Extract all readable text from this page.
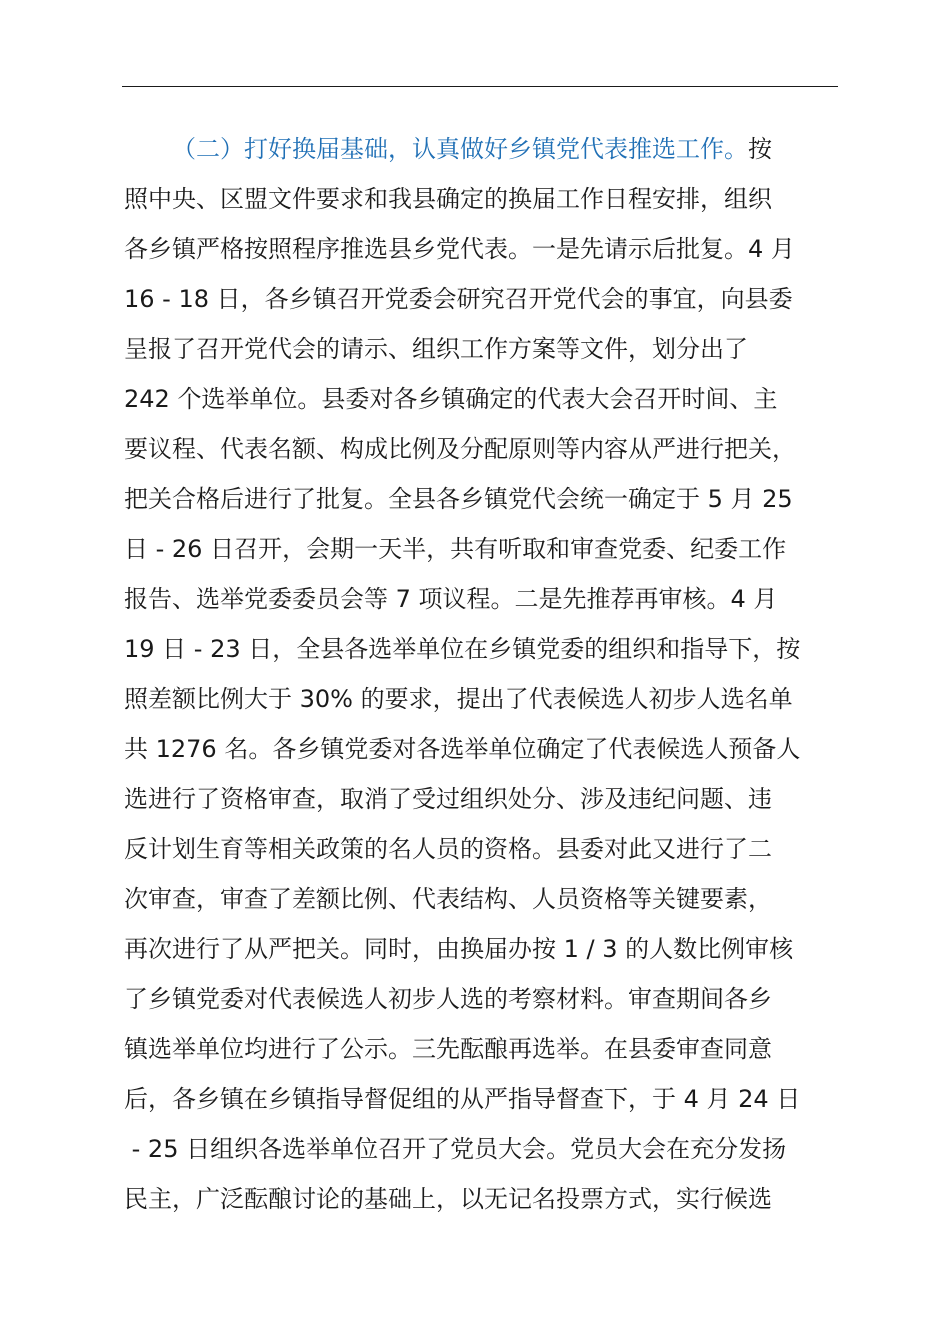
（二）打好换届基础，认真做好乡镇党代表推选工作。按
照中央、区盟文件要求和我县确定的换届工作日程安排，组织
各乡镇严格按照程序推选县乡党代表。一是先请示后批复。4 月
16 - 18 日，各乡镇召开党委会研究召开党代会的事宜，向县委
呈报了召开党代会的请示、组织工作方案等文件，划分出了
242 个选举单位。县委对各乡镇确定的代表大会召开时间、主
要议程、代表名额、构成比例及分配原则等内容从严进行把关，
把关合格后进行了批复。全县各乡镇党代会统一确定于 5 月 25
日 - 26 日召开，会期一天半，共有听取和审查党委、纪委工作
报告、选举党委委员会等 7 项议程。二是先推荐再审核。4 月
19 日 - 23 日，全县各选举单位在乡镇党委的组织和指导下，按
照差额比例大于 30% 的要求，提出了代表候选人初步人选名单
共 1276 名。各乡镇党委对各选举单位确定了代表候选人预备人
选进行了资格审查，取消了受过组织处分、涉及违纪问题、违
反计划生育等相关政策的名人员的资格。县委对此又进行了二
次审查，审查了差额比例、代表结构、人员资格等关键要素，
再次进行了从严把关。同时，由换届办按 1 / 3 的人数比例审核
了乡镇党委对代表候选人初步人选的考察材料。审查期间各乡
镇选举单位均进行了公示。三先酝酿再选举。在县委审查同意
后，各乡镇在乡镇指导督促组的从严指导督查下，于 4 月 24 日
- 25 日组织各选举单位召开了党员大会。党员大会在充分发扬
民主，广泛酝酿讨论的基础上，以无记名投票方式，实行候选
